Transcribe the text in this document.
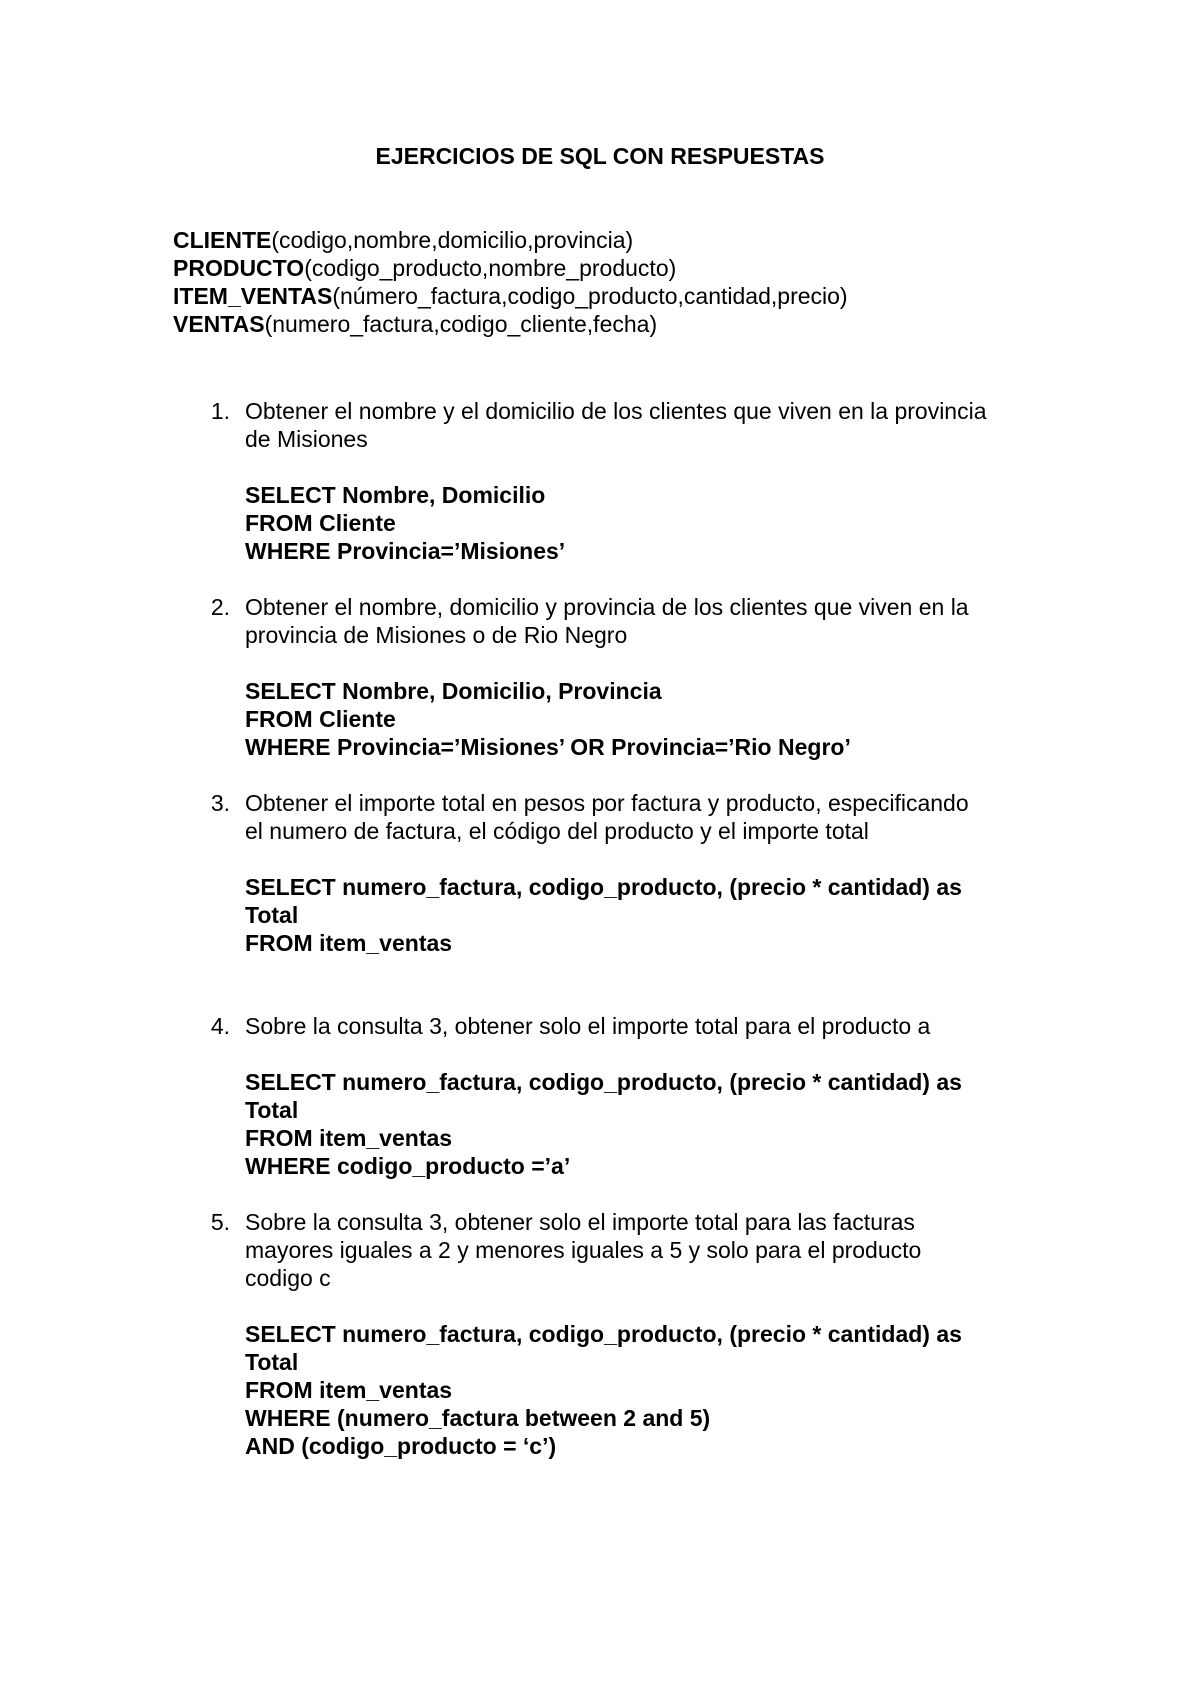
EJERCICIOS DE SQL CON RESPUESTAS
CLIENTE(codigo,nombre,domicilio,provincia)
PRODUCTO(codigo_producto,nombre_producto)
ITEM_VENTAS(número_factura,codigo_producto,cantidad,precio)
VENTAS(numero_factura,codigo_cliente,fecha)
1. Obtener el nombre y el domicilio de los clientes que viven en la provincia
de Misiones
SELECT Nombre, Domicilio
FROM Cliente
WHERE Provincia=’Misiones’
2. Obtener el nombre, domicilio y provincia de los clientes que viven en la
provincia de Misiones o de Rio Negro
SELECT Nombre, Domicilio, Provincia
FROM Cliente
WHERE Provincia=’Misiones’ OR Provincia=’Rio Negro’
3. Obtener el importe total en pesos por factura y producto, especificando
el numero de factura, el código del producto y el importe total
SELECT numero_factura, codigo_producto, (precio * cantidad) as
Total
FROM item_ventas
4. Sobre la consulta 3, obtener solo el importe total para el producto a
SELECT numero_factura, codigo_producto, (precio * cantidad) as
Total
FROM item_ventas
WHERE codigo_producto =’a’
5. Sobre la consulta 3, obtener solo el importe total para las facturas
mayores iguales a 2 y menores iguales a 5 y solo para el producto
codigo c
SELECT numero_factura, codigo_producto, (precio * cantidad) as
Total
FROM item_ventas
WHERE (numero_factura between 2 and 5)
AND (codigo_producto = ‘c’)
